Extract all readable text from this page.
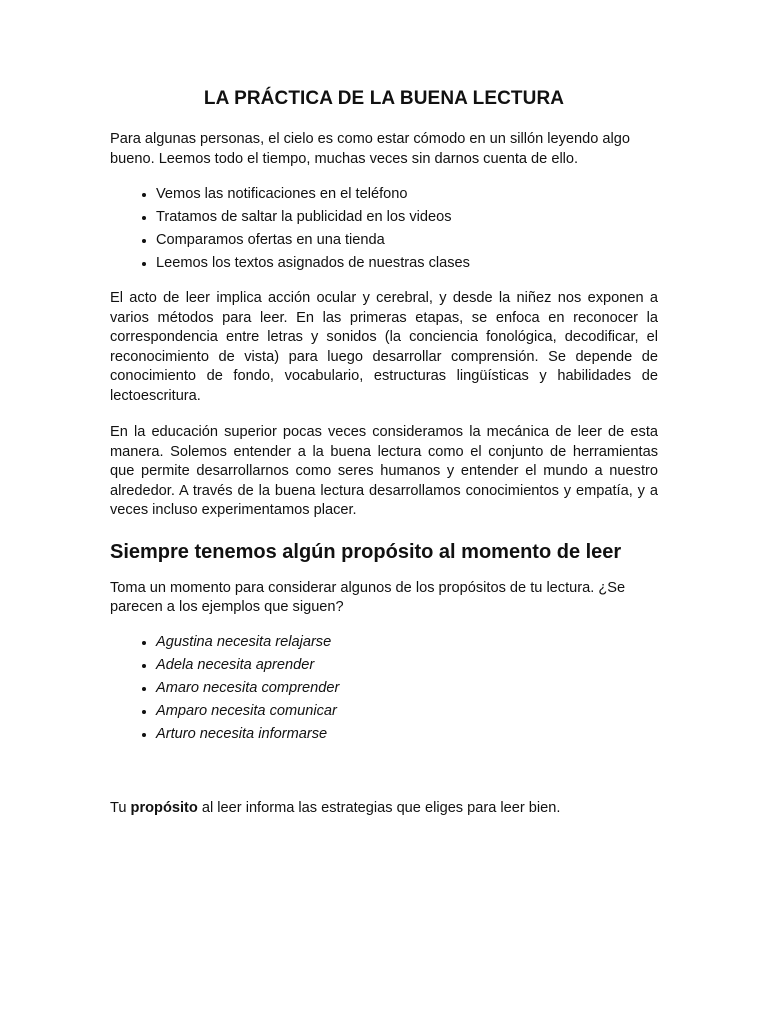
LA PRÁCTICA DE LA BUENA LECTURA

Para algunas personas, el cielo es como estar cómodo en un sillón leyendo algo bueno. Leemos todo el tiempo, muchas veces sin darnos cuenta de ello.

• Vemos las notificaciones en el teléfono
• Tratamos de saltar la publicidad en los videos
• Comparamos ofertas en una tienda
• Leemos los textos asignados de nuestras clases

El acto de leer implica acción ocular y cerebral, y desde la niñez nos exponen a varios métodos para leer. En las primeras etapas, se enfoca en reconocer la correspondencia entre letras y sonidos (la conciencia fonológica, decodificar, el reconocimiento de vista) para luego desarrollar comprensión. Se depende de conocimiento de fondo, vocabulario, estructuras lingüísticas y habilidades de lectoescritura.

En la educación superior pocas veces consideramos la mecánica de leer de esta manera. Solemos entender a la buena lectura como el conjunto de herramientas que permite desarrollarnos como seres humanos y entender el mundo a nuestro alrededor. A través de la buena lectura desarrollamos conocimientos y empatía, y a veces incluso experimentamos placer.

Siempre tenemos algún propósito al momento de leer

Toma un momento para considerar algunos de los propósitos de tu lectura. ¿Se parecen a los ejemplos que siguen?

• Agustina necesita relajarse
• Adela necesita aprender
• Amaro necesita comprender
• Amparo necesita comunicar
• Arturo necesita informarse

Tu propósito al leer informa las estrategias que eliges para leer bien.
